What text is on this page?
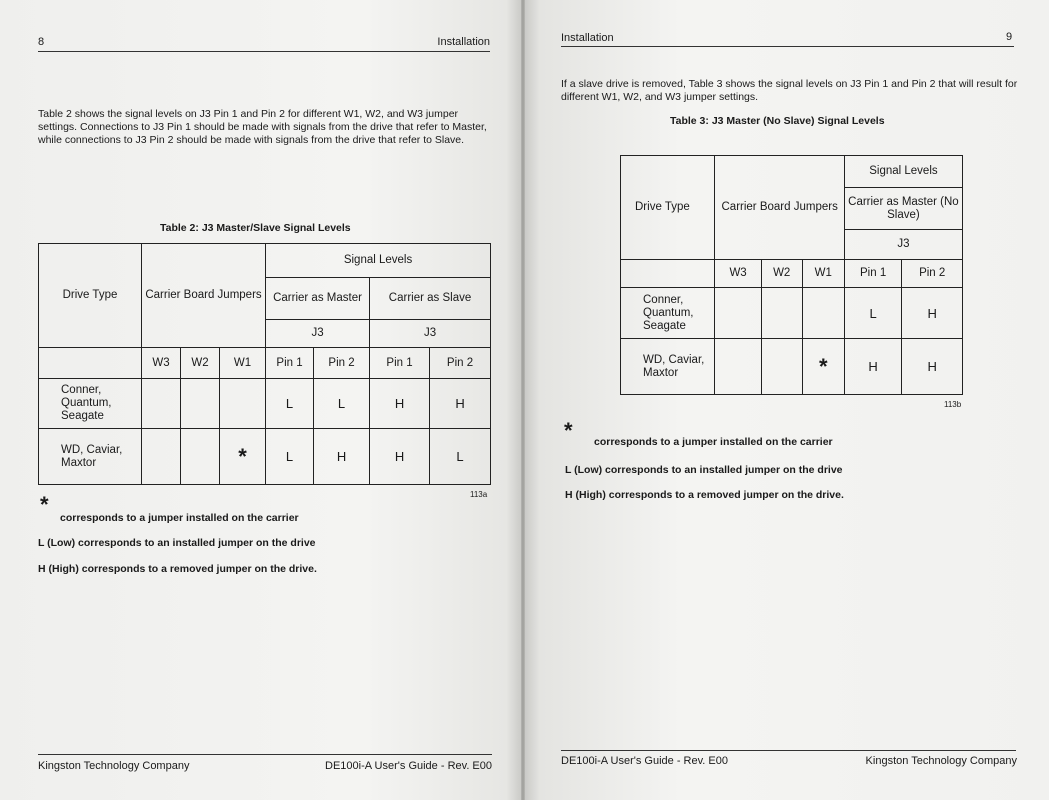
8	Installation
Table 2 shows the signal levels on J3 Pin 1 and Pin 2 for different W1, W2, and W3 jumper settings. Connections to J3 Pin 1 should be made with signals from the drive that refer to Master, while connections to J3 Pin 2 should be made with signals from the drive that refer to Slave.
Table 2: J3 Master/Slave Signal Levels
Drive Type	Carrier Board Jumpers			Signal Levels			
				Carrier as Master		Carrier as Slave	
				J3		J3	
	W3	W2	W1	Pin 1	Pin 2	Pin 1	Pin 2
Conner, Quantum, Seagate				L	L	H	H
WD, Caviar, Maxtor			*	L	H	H	L
113a
*
corresponds to a jumper installed on the carrier
L (Low) corresponds to an installed jumper on the drive
H (High) corresponds to a removed jumper on the drive.
Kingston Technology Company	DE100i-A User's Guide - Rev. E00
Installation	9
If a slave drive is removed, Table 3 shows the signal levels on J3 Pin 1 and Pin 2 that will result for different W1, W2, and W3 jumper settings.
Table 3: J3 Master (No Slave) Signal Levels
Drive Type	Carrier Board Jumpers			Signal Levels	
				Carrier as Master (No Slave)	
				J3	
	W3	W2	W1	Pin 1	Pin 2
Conner, Quantum, Seagate				L	H
WD, Caviar, Maxtor			*	H	H
113b
* corresponds to a jumper installed on the carrier
L (Low) corresponds to an installed jumper on the drive
H (High) corresponds to a removed jumper on the drive.
DE100i-A User's Guide - Rev. E00	Kingston Technology Company
